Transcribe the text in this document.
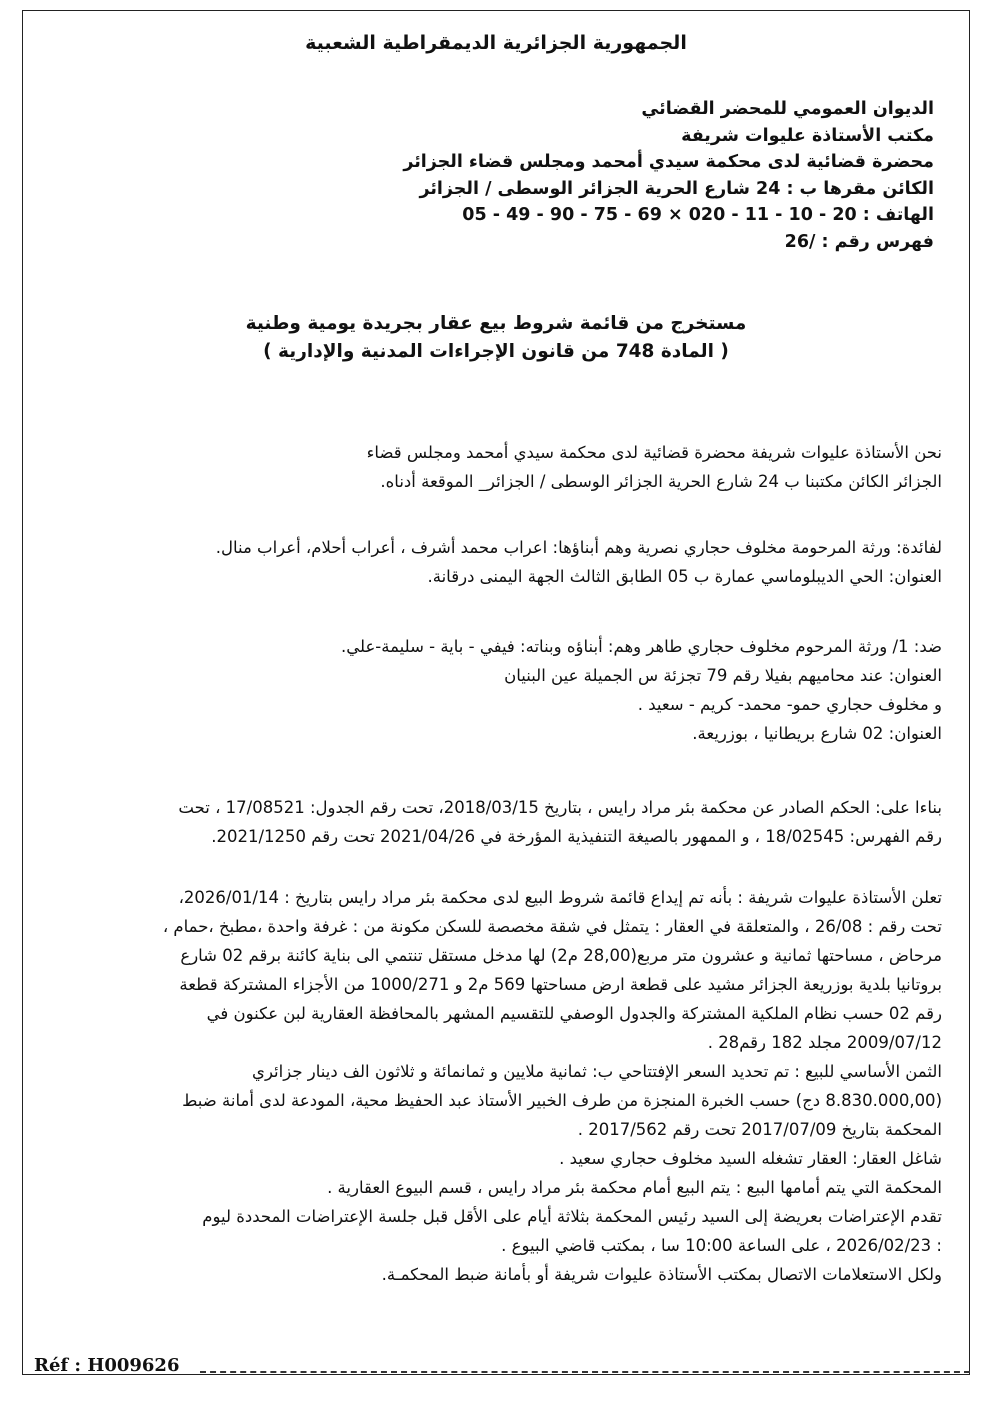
الجمهورية الجزائرية الديمقراطية الشعبية
الديوان العمومي للمحضر القضائي
مكتب الأستاذة عليوات شريفة
محضرة قضائية لدى محكمة سيدي أمحمد ومجلس قضاء الجزائر
الكائن مقرها ب : 24 شارع الحرية الجزائر الوسطى / الجزائر
الهاتف : 20 - 10 - 11 - 020 × 69 - 75 - 90 - 49 - 05
فهرس رقم : /26
مستخرج من قائمة شروط بيع عقار بجريدة يومية وطنية
( المادة 748 من قانون الإجراءات المدنية والإدارية )
نحن الأستاذة عليوات شريفة محضرة قضائية لدى محكمة سيدي أمحمد ومجلس قضاء
الجزائر الكائن مكتبنا ب 24 شارع الحرية الجزائر الوسطى / الجزائر_ الموقعة أدناه.
لفائدة: ورثة المرحومة مخلوف حجاري نصرية وهم أبناؤها: اعراب محمد أشرف ، أعراب أحلام، أعراب منال.
العنوان: الحي الديبلوماسي عمارة ب 05 الطابق الثالث الجهة اليمنى درقانة.
ضد: 1/ ورثة المرحوم مخلوف حجاري طاهر وهم: أبناؤه وبناته: فيفي - باية - سليمة-علي.
العنوان: عند محاميهم بفيلا رقم 79 تجزئة س الجميلة عين البنيان
و مخلوف حجاري حمو- محمد- كريم - سعيد .
العنوان: 02 شارع بريطانيا ، بوزريعة.
بناءا على: الحكم الصادر عن محكمة بئر مراد رايس ، بتاريخ 2018/03/15، تحت رقم الجدول: 17/08521 ، تحت
رقم الفهرس: 18/02545 ، و الممهور بالصيغة التنفيذية المؤرخة في 2021/04/26 تحت رقم 2021/1250.
تعلن الأستاذة عليوات شريفة : بأنه تم إيداع قائمة شروط البيع لدى محكمة بئر مراد رايس بتاريخ : 2026/01/14،
تحت رقم : 26/08 ، والمتعلقة في العقار : يتمثل في شقة مخصصة للسكن مكونة من : غرفة واحدة ،مطبخ ،حمام ،
مرحاض ، مساحتها ثمانية و عشرون متر مربع(28,00 م2) لها مدخل مستقل تنتمي الى بناية كائنة برقم 02 شارع
بروتانيا بلدية بوزريعة الجزائر مشيد على قطعة ارض مساحتها 569 م2 و 1000/271 من الأجزاء المشتركة قطعة
رقم 02 حسب نظام الملكية المشتركة والجدول الوصفي للتقسيم المشهر بالمحافظة العقارية لبن عكنون في
2009/07/12 مجلد 182 رقم28 .
الثمن الأساسي للبيع : تم تحديد السعر الإفتتاحي ب: ثمانية ملايين و ثمانمائة و ثلاثون الف دينار جزائري
(8.830.000,00 دج) حسب الخبرة المنجزة من طرف الخبير الأستاذ عبد الحفيظ محية، المودعة لدى أمانة ضبط
المحكمة بتاريخ 2017/07/09 تحت رقم 2017/562 .
شاغل العقار: العقار تشغله السيد مخلوف حجاري سعيد .
المحكمة التي يتم أمامها البيع : يتم البيع أمام محكمة بئر مراد رايس ، قسم البيوع العقارية .
تقدم الإعتراضات بعريضة إلى السيد رئيس المحكمة بثلاثة أيام على الأقل قبل جلسة الإعتراضات المحددة ليوم
: 2026/02/23 ، على الساعة 10:00 سا ، بمكتب قاضي البيوع .
ولكل الاستعلامات الاتصال بمكتب الأستاذة عليوات شريفة أو بأمانة ضبط المحكمـة.
Réf : H009626
